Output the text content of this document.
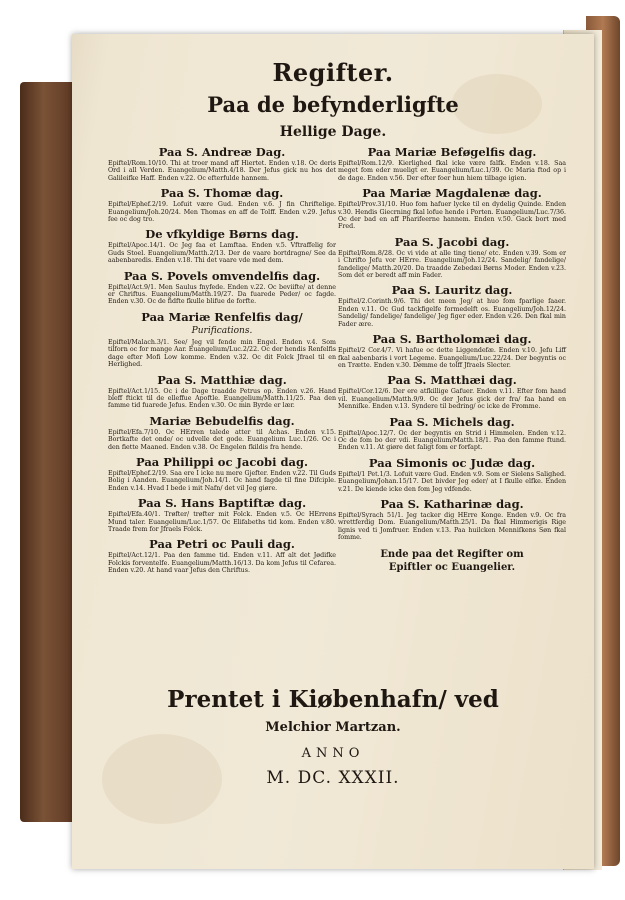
Regifter.
Paa de befynderligfte
Hellige Dage.
Paa S. Andreæ Dag.
Epiftel/Rom.10/10. Thi at troer mand aff Hiertet. Enden v.18. Oc deris Ord i all Verden. Euangelium/Matth.4/18. Der Jefus gick nu hos det Galileifke Haff. Enden v.22. Oc efterfulde hannem.
Paa S. Thomæ dag.
Epiftel/Ephef.2/19. Lofuit være Gud. Enden v.6. J fin Chriftelige. Euangelium/Joh.20/24. Men Thomas en aff de Tolff. Enden v.29. Jefus fee oc dog tro.
De vfkyldige Børns dag.
Epiftel/Apoc.14/1. Oc Jeg faa et Lamftaa. Enden v.5. Vftraffelig for Guds Stoel. Euangelium/Matth.2/13. Der de vaare bortdragne/ See da aabenbaredis. Enden v.18. Thi det vaare vde med dem.
Paa S. Povels omvendelfis dag.
Epiftel/Act.9/1. Men Saulus fnyfede. Enden v.22. Oc beviifte/ at denne er Chriftus. Euangelium/Matth.19/27. Da fuarede Peder/ oc fagde. Enden v.30. Oc de fidfte fkulle blifue de forfte.
Paa Mariæ Renfelfis dag/
Purifications.
Epiftel/Malach.3/1. See/ Jeg vil fende min Engel. Enden v.4. Som tilforn oc for mange Aar. Euangelium/Luc.2/22. Oc der hendis Renfelfis dage efter Mofi Low komme. Enden v.32. Oc dit Folck Jfrael til en Herlighed.
Paa S. Matthiæ dag.
Epiftel/Act.1/15. Oc i de Dage traadde Petrus op. Enden v.26. Hand bleff ftickt til de elleffue Apoftle. Euangelium/Matth.11/25. Paa den famme tid fuarede Jefus. Enden v.30. Oc min Byrde er lær.
Mariæ Bebudelfis dag.
Epiftel/Efa.7/10. Oc HErren talede atter til Achas. Enden v.15. Bortkafte det onde/ oc udvelle det gode. Euangelium Luc.1/26. Oc i den fiette Maaned. Enden v.38. Oc Engelen fkildis fra hende.
Paa Philippi oc Jacobi dag.
Epiftel/Ephef.2/19. Saa ere I icke nu mere Gjefter. Enden v.22. Til Guds Bolig i Aanden. Euangelium/Joh.14/1. Oc hand fagde til fine Difciple. Enden v.14. Hvad I bede i mit Nafn/ det vil Jeg giøre.
Paa S. Hans Baptiftæ dag.
Epiftel/Efa.40/1. Trøfter/ trøfter mit Folck. Enden v.5. Oc HErrens Mund taler. Euangelium/Luc.1/57. Oc Elifabeths tid kom. Enden v.80. Traade frem for Jfraels Folck.
Paa Petri oc Pauli dag.
Epiftel/Act.12/1. Paa den famme tid. Enden v.11. Aff alt det Jødifke Folckis forventelfe. Euangelium/Matth.16/13. Da kom Jefus til Cefarea. Enden v.20. At hand vaar Jefus den Chriftus.
Paa Mariæ Beføgelfis dag.
Epiftel/Rom.12/9. Kierlighed fkal icke være falfk. Enden v.18. Saa meget fom eder mueligt er. Euangelium/Luc.1/39. Oc Maria ftod op i de dage. Enden v.56. Der efter foer hun hiem tilbage igien.
Paa Mariæ Magdalenæ dag.
Epiftel/Prov.31/10. Huo fom hafuer lycke til en dydelig Quinde. Enden v.30. Hendis Giecrning fkal lofue hende i Porten. Euangelium/Luc.7/36. Oc der bad en aff Pharifeerne hannem. Enden v.50. Gack bort med Fred.
Paa S. Jacobi dag.
Epiftel/Rom.8/28. Oc vi vide at alle ting tiene/ etc. Enden v.39. Som er i Chrifto Jefu vor HErre. Euangelium/Joh.12/24. Sandelig/ fandelige/ fandelige/ Matth.20/20. Da traadde Zebedæi Børns Moder. Enden v.23. Som det er beredt aff min Fader.
Paa S. Lauritz dag.
Epiftel/2.Corinth.9/6. Thi det meen Jeg/ at huo fom fparlige faaer. Enden v.11. Oc Gud tackfigelfe formedelft os. Euangelium/Joh.12/24. Sandelig/ fandelige/ fandelige/ Jeg figer eder. Enden v.26. Den fkal min Fader ære.
Paa S. Bartholomæi dag.
Epiftel/2 Cor.4/7. Vi hafue oc dette Liggendefæ. Enden v.10. Jefu Liff fkal aabenbaris i vort Legeme. Euangelium/Luc.22/24. Der begyntis oc en Trætte. Enden v.30. Dømme de tolff Jfraels Slecter.
Paa S. Matthæi dag.
Epiftel/Cor.12/6. Der ere atfkillige Gafuer. Enden v.11. Efter fom hand vil. Euangelium/Matth.9/9. Oc der Jefus gick der fra/ faa hand en Menniſke. Enden v.13. Syndere til bedring/ oc icke de Fromme.
Paa S. Michels dag.
Epiftel/Apoc.12/7. Oc der begyntis en Strid i Himmelen. Enden v.12. Oc de fom bo der vdi. Euangelium/Matth.18/1. Paa den famme ftund. Enden v.11. At giøre det faligt fom er forfapt.
Paa Simonis oc Judæ dag.
Epiftel/1 Pet.1/3. Lofuit være Gud. Enden v.9. Som er Sielens Salighed. Euangelium/Johan.15/17. Det bivder Jeg eder/ at I fkulle elfke. Enden v.21. De kiende icke den fom Jeg vdfende.
Paa S. Katharinæ dag.
Epiftel/Syrach 51/1. Jeg tacker dig HErre Konge. Enden v.9. Oc fra wrettferdig Dom. Euangelium/Matth.25/1. Da fkal Himmerigis Rige lignis ved ti Jomfruer. Enden v.13. Paa huilcken Menniſkens Søn fkal fomme.
Ende paa det Regifter om
Epiftler oc Euangelier.
Prentet i Kiøbenhafn/ ved
Melchior Martzan.
ANNO
M. DC. XXXII.
